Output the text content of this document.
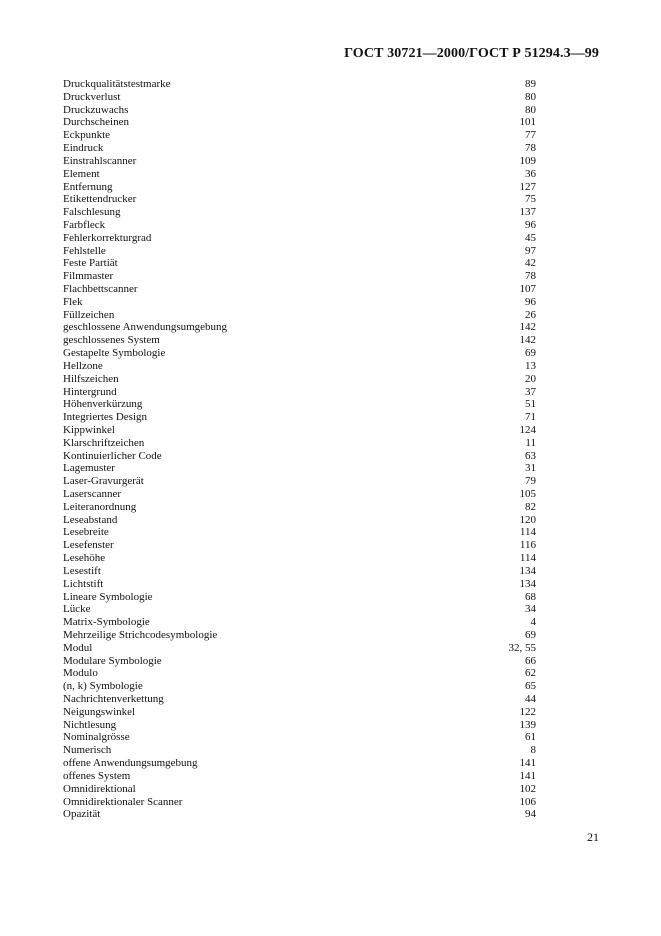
ГОСТ 30721—2000/ГОСТ Р 51294.3—99
Druckqualitätstestmarke	89
Druckverlust	80
Druckzuwachs	80
Durchscheinen	101
Eckpunkte	77
Eindruck	78
Einstrahlscanner	109
Element	36
Entfernung	127
Etikettendrucker	75
Falschlesung	137
Farbfleck	96
Fehlerkorrekturgrad	45
Fehlstelle	97
Feste Partiät	42
Filmmaster	78
Flachbettscanner	107
Flek	96
Füllzeichen	26
geschlossene Anwendungsumgebung	142
geschlossenes System	142
Gestapelte Symbologie	69
Hellzone	13
Hilfszeichen	20
Hintergrund	37
Höhenverkürzung	51
Integriertes Design	71
Kippwinkel	124
Klarschriftzeichen	11
Kontinuierlicher Code	63
Lagemuster	31
Laser-Gravurgerät	79
Laserscanner	105
Leiteranordnung	82
Leseabstand	120
Lesebreite	114
Lesefenster	116
Lesehöhe	114
Lesestift	134
Lichtstift	134
Lineare Symbologie	68
Lücke	34
Matrix-Symbologie	4
Mehrzeilige Strichcodesymbologie	69
Modul	32, 55
Modulare Symbologie	66
Modulo	62
(n, k) Symbologie	65
Nachrichtenverkettung	44
Neigungswinkel	122
Nichtlesung	139
Nominalgrösse	61
Numerisch	8
offene Anwendungsumgebung	141
offenes System	141
Omnidirektional	102
Omnidirektionaler Scanner	106
Opazität	94
21
